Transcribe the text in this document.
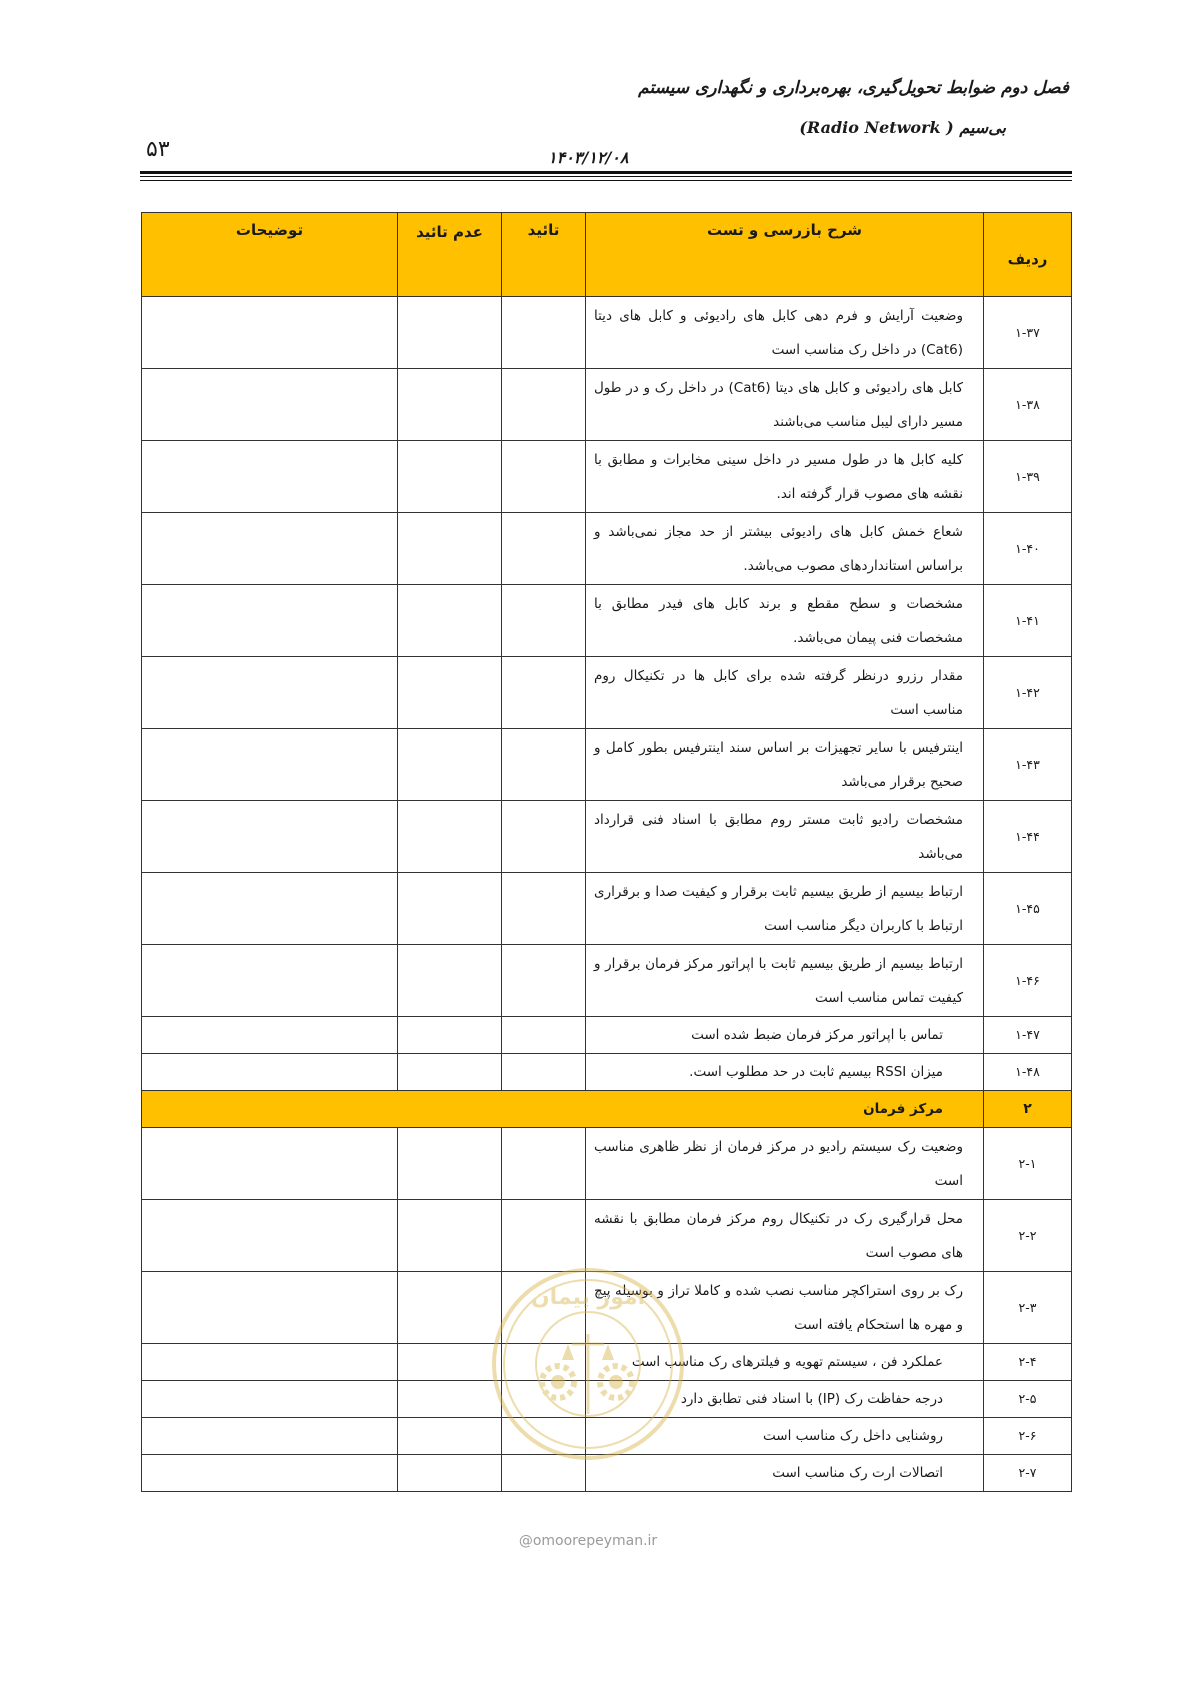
فصل دوم ضوابط تحویل‌گیری، بهره‌برداری و نگهداری سیستم
بی‌سیم ( Radio Network)
۱۴۰۳/۱۲/۰۸
۵۳
ردیف	شرح بازرسی و تست	تائید	عدم تائید	توضیحات
۱-۳۷	وضعیت آرایش و فرم دهی کابل های رادیوئی و کابل های دیتا (Cat6) در داخل رک مناسب است			
۱-۳۸	کابل های رادیوئی و کابل های دیتا (Cat6) در داخل رک و در طول مسیر دارای لیبل مناسب می‌باشند			
۱-۳۹	کلیه کابل ها در طول مسیر در داخل سینی مخابرات و مطابق با نقشه های مصوب قرار گرفته اند.			
۱-۴۰	شعاع خمش کابل های رادیوئی بیشتر از حد مجاز نمی‌باشد و براساس استانداردهای مصوب می‌باشد.			
۱-۴۱	مشخصات و سطح مقطع و برند کابل های فیدر مطابق با مشخصات فنی پیمان می‌باشد.			
۱-۴۲	مقدار رزرو درنظر گرفته شده برای کابل ها در تکنیکال روم مناسب است			
۱-۴۳	اینترفیس با سایر تجهیزات بر اساس سند اینترفیس بطور کامل و صحیح برقرار می‌باشد			
۱-۴۴	مشخصات رادیو ثابت مستر روم مطابق با اسناد فنی قرارداد می‌باشد			
۱-۴۵	ارتباط بیسیم از طریق بیسیم ثابت برقرار و کیفیت صدا و برقراری ارتباط با کاربران دیگر مناسب است			
۱-۴۶	ارتباط بیسیم از طریق بیسیم ثابت با اپراتور مرکز فرمان برقرار و کیفیت تماس مناسب است			
۱-۴۷	تماس با اپراتور مرکز فرمان ضبط شده است			
۱-۴۸	میزان RSSI بیسیم ثابت در حد مطلوب است.			
۲	مرکز فرمان			
۲-۱	وضعیت رک سیستم رادیو در مرکز فرمان از نظر ظاهری مناسب است			
۲-۲	محل قرارگیری رک در تکنیکال روم مرکز فرمان مطابق با نقشه های مصوب است			
۲-۳	رک بر روی استراکچر مناسب نصب شده و کاملا تراز و بوسیله پیچ و مهره ها استحکام یافته است			
۲-۴	عملکرد فن ، سیستم تهویه و فیلترهای رک مناسب است			
۲-۵	درجه حفاظت رک (IP) با اسناد فنی تطابق دارد			
۲-۶	روشنایی داخل رک مناسب است			
۲-۷	اتصالات ارت رک مناسب است			
امور پیمان
@omoorepeyman.ir
